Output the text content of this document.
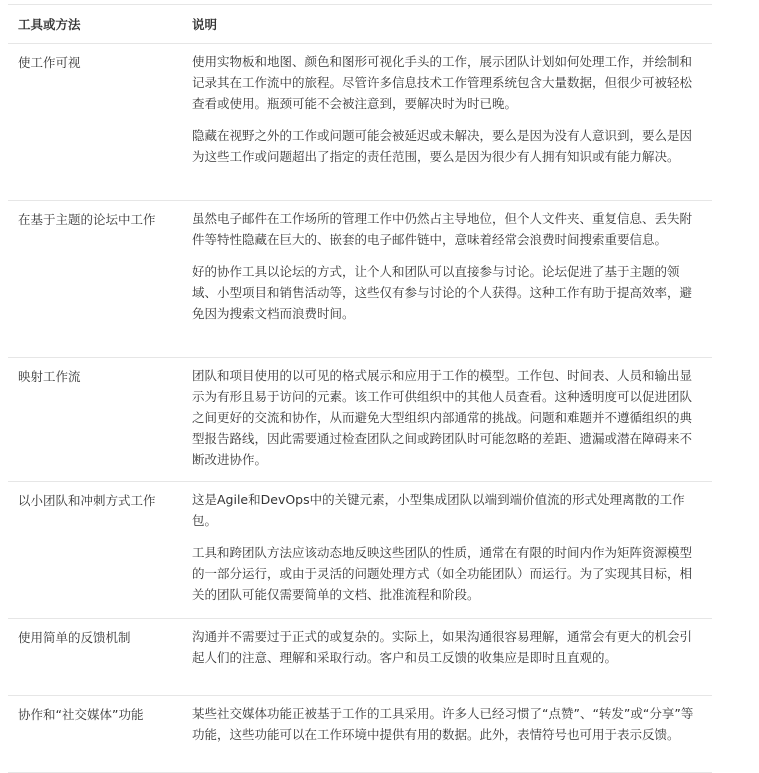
工具或方法	说明
使工作可视	使用实物板和地图、颜色和图形可视化手头的工作，展示团队计划如何处理工作，并绘制和记录其在工作流中的旅程。尽管许多信息技术工作管理系统包含大量数据，但很少可被轻松查看或使用。瓶颈可能不会被注意到，要解决时为时已晚。

隐藏在视野之外的工作或问题可能会被延迟或未解决，要么是因为没有人意识到，要么是因为这些工作或问题超出了指定的责任范围，要么是因为很少有人拥有知识或有能力解决。

在基于主题的论坛中工作	虽然电子邮件在工作场所的管理工作中仍然占主导地位，但个人文件夹、重复信息、丢失附件等特性隐藏在巨大的、嵌套的电子邮件链中，意味着经常会浪费时间搜索重要信息。

好的协作工具以论坛的方式，让个人和团队可以直接参与讨论。论坛促进了基于主题的领域、小型项目和销售活动等，这些仅有参与讨论的个人获得。这种工作有助于提高效率，避免因为搜索文档而浪费时间。

映射工作流	团队和项目使用的以可见的格式展示和应用于工作的模型。工作包、时间表、人员和输出显示为有形且易于访问的元素。该工作可供组织中的其他人员查看。这种透明度可以促进团队之间更好的交流和协作，从而避免大型组织内部通常的挑战。问题和难题并不遵循组织的典型报告路线，因此需要通过检查团队之间或跨团队时可能忽略的差距、遗漏或潜在障碍来不断改进协作。

以小团队和冲刺方式工作	这是Agile和DevOps中的关键元素，小型集成团队以端到端价值流的形式处理离散的工作包。

工具和跨团队方法应该动态地反映这些团队的性质，通常在有限的时间内作为矩阵资源模型的一部分运行，或由于灵活的问题处理方式（如全功能团队）而运行。为了实现其目标，相关的团队可能仅需要简单的文档、批准流程和阶段。

使用简单的反馈机制	沟通并不需要过于正式的或复杂的。实际上，如果沟通很容易理解，通常会有更大的机会引起人们的注意、理解和采取行动。客户和员工反馈的收集应是即时且直观的。

协作和“社交媒体”功能	某些社交媒体功能正被基于工作的工具采用。许多人已经习惯了“点赞”、“转发”或“分享”等功能，这些功能可以在工作环境中提供有用的数据。此外，表情符号也可用于表示反馈。
